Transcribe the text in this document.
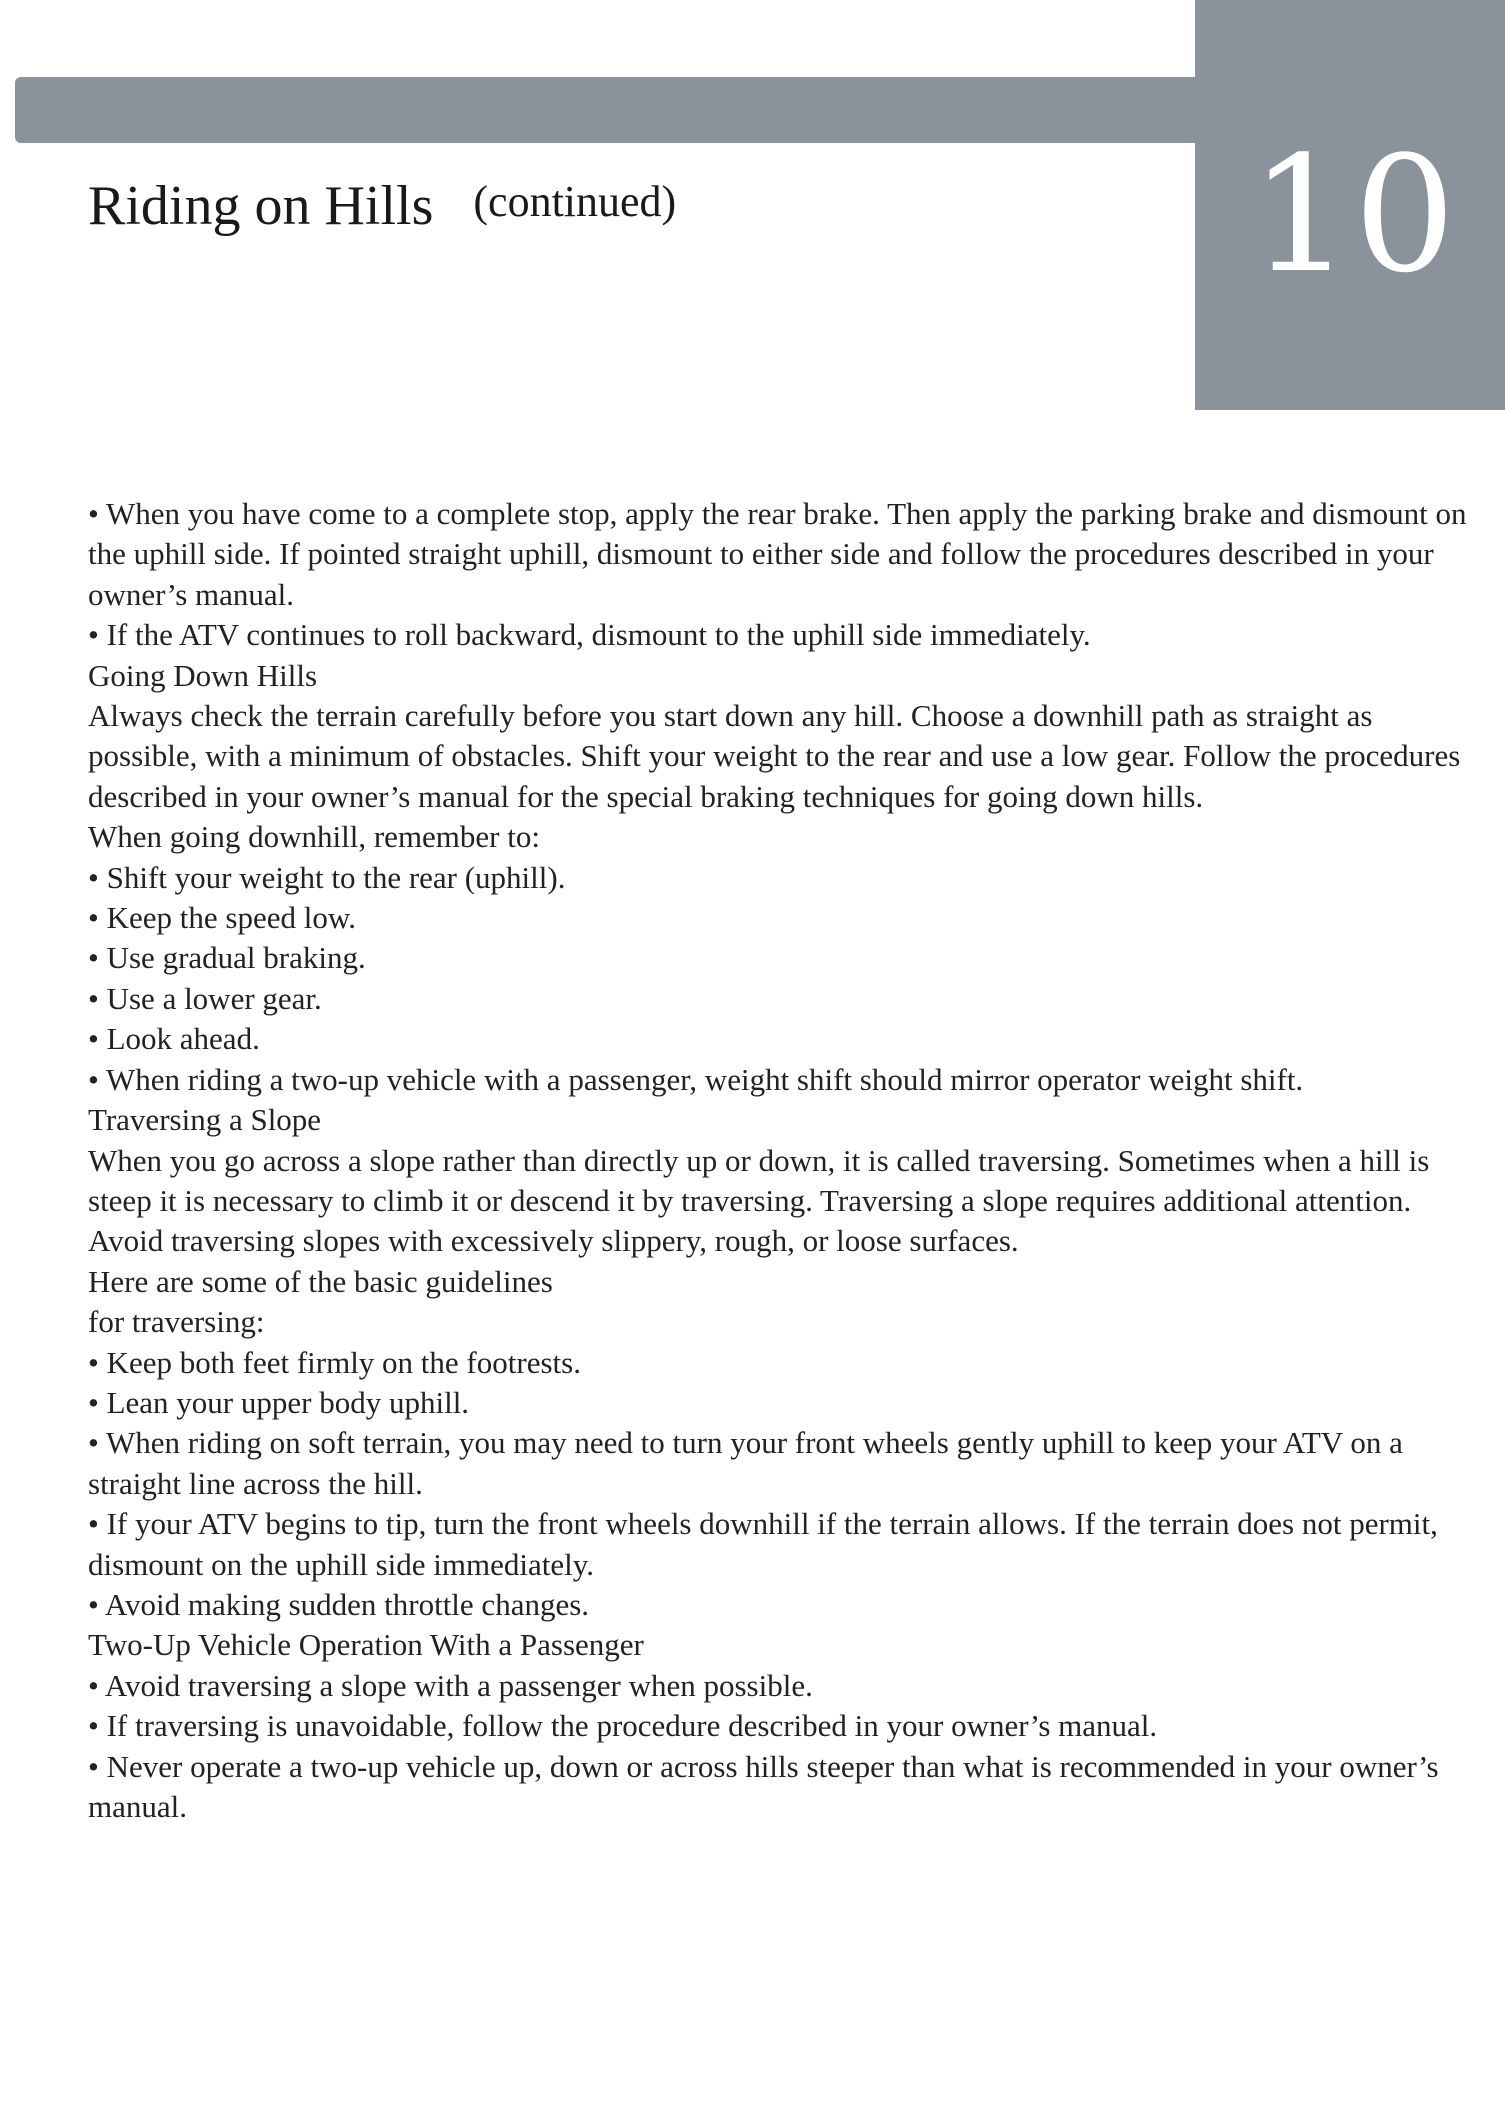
10
Riding on Hills (continued)

• When you have come to a complete stop, apply the rear brake. Then apply the parking brake and dismount on the uphill side. If pointed straight uphill, dismount to either side and follow the procedures described in your owner’s manual.

• If the ATV continues to roll backward, dismount to the uphill side immediately.

Going Down Hills

Always check the terrain carefully before you start down any hill. Choose a downhill path as straight as possible, with a minimum of obstacles. Shift your weight to the rear and use a low gear. Follow the procedures described in your owner’s manual for the special braking techniques for going down hills.

When going downhill, remember to:

• Shift your weight to the rear (uphill).

• Keep the speed low.

• Use gradual braking.

• Use a lower gear.

• Look ahead.

• When riding a two-up vehicle with a passenger, weight shift should mirror operator weight shift.

Traversing a Slope

When you go across a slope rather than directly up or down, it is called traversing. Sometimes when a hill is steep it is necessary to climb it or descend it by traversing. Traversing a slope requires additional attention. Avoid traversing slopes with excessively slippery, rough, or loose surfaces.

Here are some of the basic guidelines

for traversing:

• Keep both feet firmly on the footrests.

• Lean your upper body uphill.

• When riding on soft terrain, you may need to turn your front wheels gently uphill to keep your ATV on a straight line across the hill.

• If your ATV begins to tip, turn the front wheels downhill if the terrain allows. If the terrain does not permit, dismount on the uphill side immediately.

• Avoid making sudden throttle changes.

Two-Up Vehicle Operation With a Passenger

• Avoid traversing a slope with a passenger when possible.

• If traversing is unavoidable, follow the procedure described in your owner’s manual.

• Never operate a two-up vehicle up, down or across hills steeper than what is recommended in your owner’s manual.
